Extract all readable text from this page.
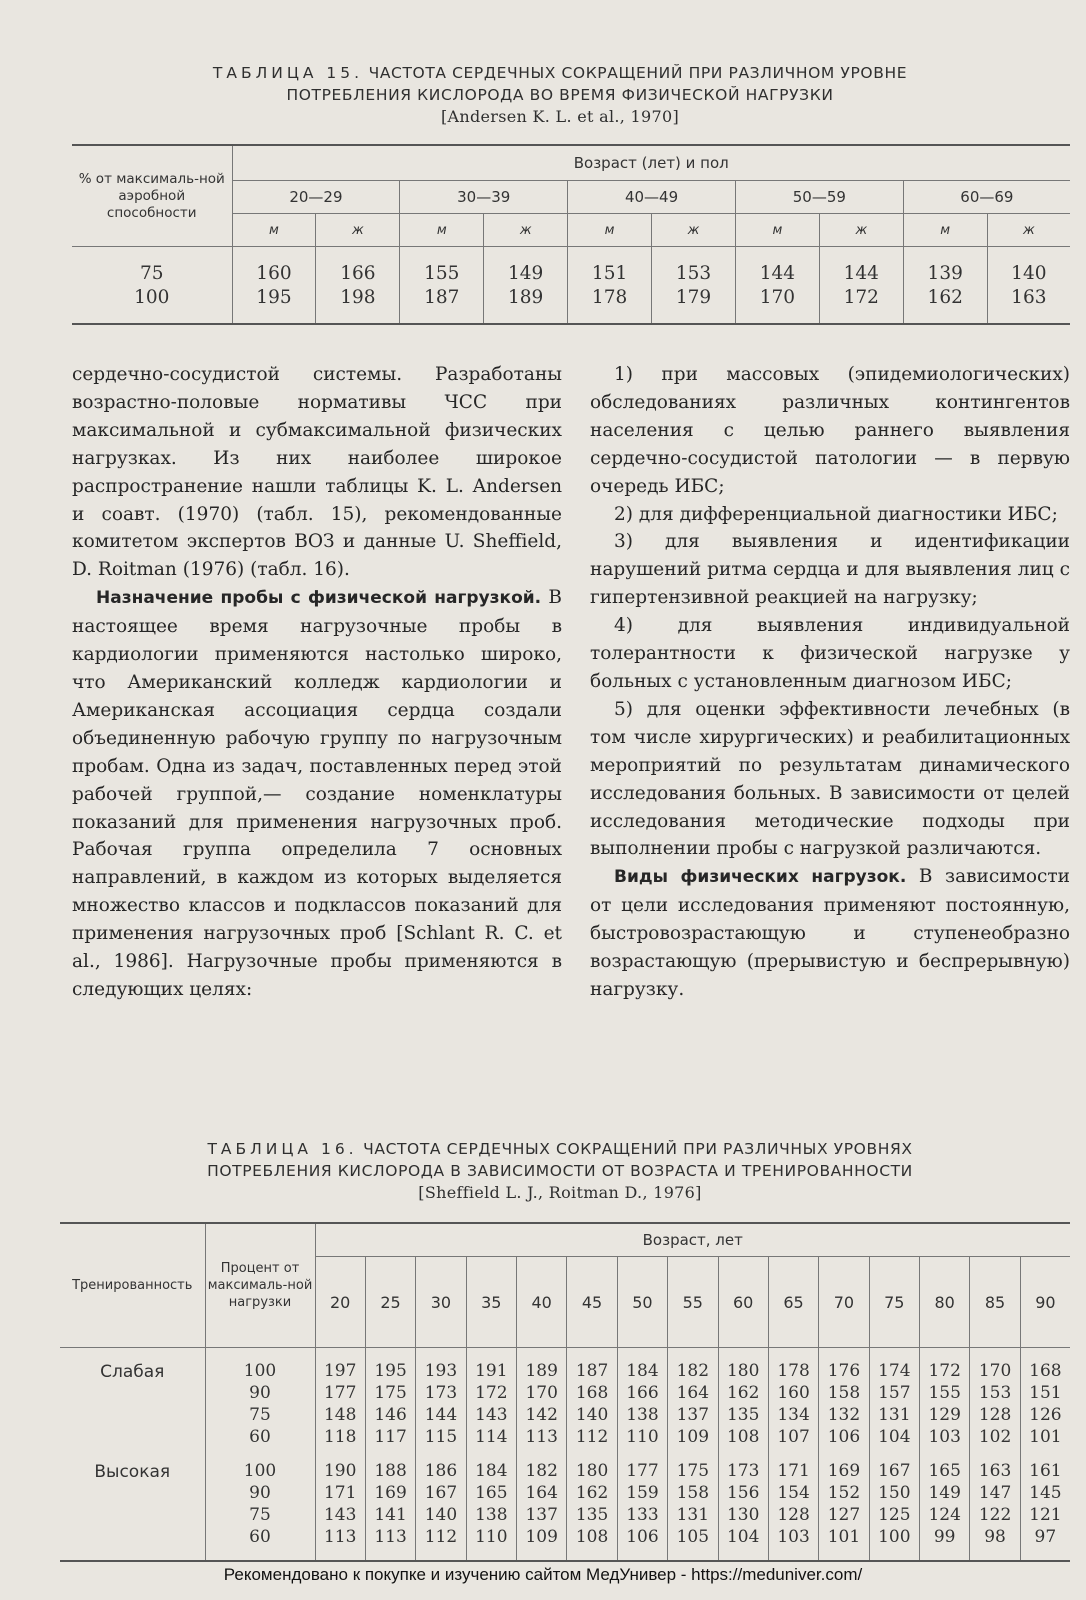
ТАБЛИЦА 15. ЧАСТОТА СЕРДЕЧНЫХ СОКРАЩЕНИЙ ПРИ РАЗЛИЧНОМ УРОВНЕ
ПОТРЕБЛЕНИЯ КИСЛОРОДА ВО ВРЕМЯ ФИЗИЧЕСКОЙ НАГРУЗКИ
[Andersen K. L. et al., 1970]
% от максималь-ной аэробной способности	Возраст (лет) и пол									
	20—29		30—39		40—49		50—59		60—69	
	м	ж	м	ж	м	ж	м	ж	м	ж

75	160	166	155	149	151	153	144	144	139	140
100	195	198	187	189	178	179	170	172	162	163

сердечно-сосудистой системы. Разработаны возрастно-половые нормативы ЧСС при максимальной и субмаксимальной физических нагрузках. Из них наиболее широкое распространение нашли таблицы K. L. Andersen и соавт. (1970) (табл. 15), рекомендованные комитетом экспертов ВОЗ и данные U. Sheffield, D. Roitman (1976) (табл. 16).

Назначение пробы с физической нагрузкой. В настоящее время нагрузочные пробы в кардиологии применяются настолько широко, что Американский колледж кардиологии и Американская ассоциация сердца создали объединенную рабочую группу по нагрузочным пробам. Одна из задач, поставленных перед этой рабочей группой,— создание номенклатуры показаний для применения нагрузочных проб. Рабочая группа определила 7 основных направлений, в каждом из которых выделяется множество классов и подклассов показаний для применения нагрузочных проб [Schlant R. C. et al., 1986]. Нагрузочные пробы применяются в следующих целях:

1) при массовых (эпидемиологических) обследованиях различных контингентов населения с целью раннего выявления сердечно-сосудистой патологии — в первую очередь ИБС;

2) для дифференциальной диагностики ИБС;

3) для выявления и идентификации нарушений ритма сердца и для выявления лиц с гипертензивной реакцией на нагрузку;

4) для выявления индивидуальной толерантности к физической нагрузке у больных с установленным диагнозом ИБС;

5) для оценки эффективности лечебных (в том числе хирургических) и реабилитационных мероприятий по результатам динамического исследования больных. В зависимости от целей исследования методические подходы при выполнении пробы с нагрузкой различаются.

Виды физических нагрузок. В зависимости от цели исследования применяют постоянную, быстровозрастающую и ступенеобразно возрастающую (прерывистую и беспрерывную) нагрузку.

ТАБЛИЦА 16. ЧАСТОТА СЕРДЕЧНЫХ СОКРАЩЕНИЙ ПРИ РАЗЛИЧНЫХ УРОВНЯХ
ПОТРЕБЛЕНИЯ КИСЛОРОДА В ЗАВИСИМОСТИ ОТ ВОЗРАСТА И ТРЕНИРОВАННОСТИ
[Sheffield L. J., Roitman D., 1976]
Тренированность	Процент от максималь-ной нагрузки	Возраст, лет														
		20	25	30	35	40	45	50	55	60	65	70	75	80	85	90

Слабая	100	197	195	193	191	189	187	184	182	180	178	176	174	172	170	168
	90	177	175	173	172	170	168	166	164	162	160	158	157	155	153	151
	75	148	146	144	143	142	140	138	137	135	134	132	131	129	128	126
	60	118	117	115	114	113	112	110	109	108	107	106	104	103	102	101

Высокая	100	190	188	186	184	182	180	177	175	173	171	169	167	165	163	161
	90	171	169	167	165	164	162	159	158	156	154	152	150	149	147	145
	75	143	141	140	138	137	135	133	131	130	128	127	125	124	122	121
	60	113	113	112	110	109	108	106	105	104	103	101	100	99	98	97

Рекомендовано к покупке и изучению сайтом МедУнивер - https://meduniver.com/
